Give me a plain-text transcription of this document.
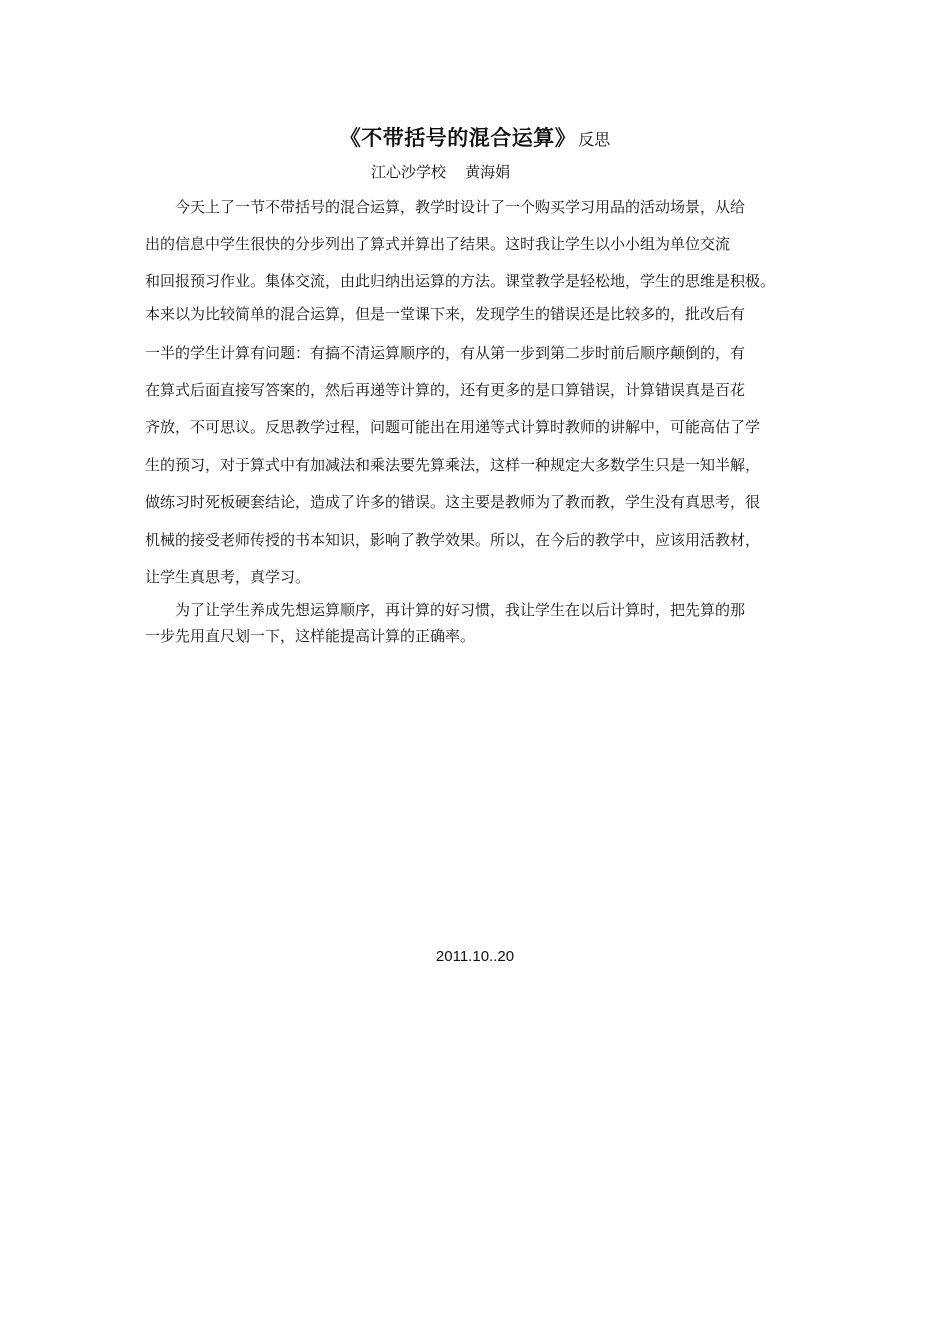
《不带括号的混合运算》 反思
江心沙学校    黄海娟
今天上了一节不带括号的混合运算，教学时设计了一个购买学习用品的活动场景，从给
出的信息中学生很快的分步列出了算式并算出了结果。这时我让学生以小小组为单位交流
和回报预习作业。集体交流，由此归纳出运算的方法。课堂教学是轻松地，学生的思维是积极。
本来以为比较简单的混合运算，但是一堂课下来，发现学生的错误还是比较多的，批改后有
一半的学生计算有问题：有搞不清运算顺序的，有从第一步到第二步时前后顺序颠倒的，有
在算式后面直接写答案的，然后再递等计算的，还有更多的是口算错误，计算错误真是百花
齐放，不可思议。反思教学过程，问题可能出在用递等式计算时教师的讲解中，可能高估了学
生的预习，对于算式中有加减法和乘法要先算乘法，这样一种规定大多数学生只是一知半解，
做练习时死板硬套结论，造成了许多的错误。这主要是教师为了教而教，学生没有真思考，很
机械的接受老师传授的书本知识，影响了教学效果。所以，在今后的教学中，应该用活教材，
让学生真思考，真学习。
为了让学生养成先想运算顺序，再计算的好习惯，我让学生在以后计算时，把先算的那
一步先用直尺划一下，这样能提高计算的正确率。
2011.10..20
